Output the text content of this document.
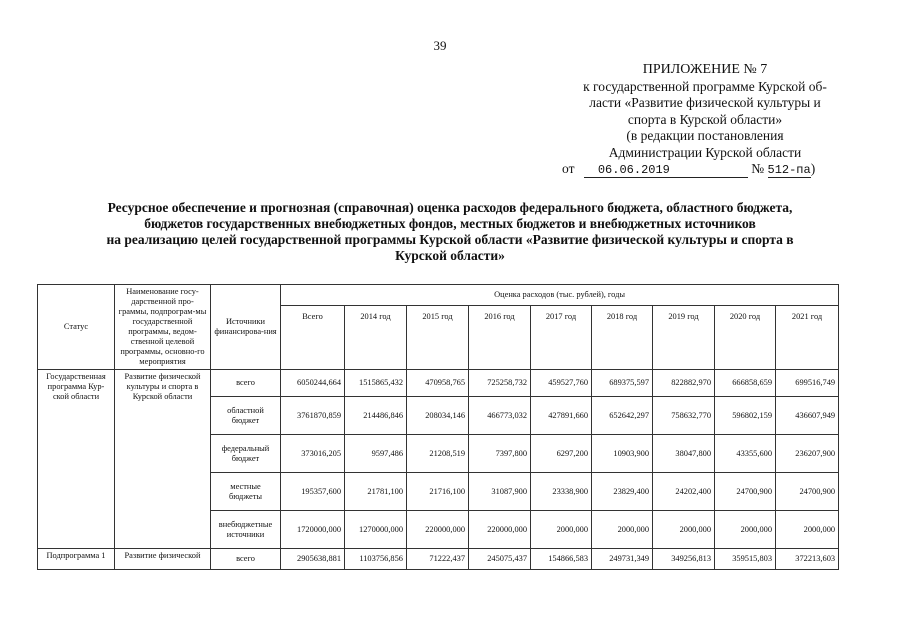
39
ПРИЛОЖЕНИЕ № 7
к государственной программе Курской об-
ласти «Развитие физической культуры и
спорта в Курской области»
(в редакции постановления
Администрации Курской области
от 06.06.2019	№ 512-па)
Ресурсное обеспечение и прогнозная (справочная) оценка расходов федерального бюджета, областного бюджета,
бюджетов государственных внебюджетных фондов, местных бюджетов и внебюджетных источников
на реализацию целей государственной программы Курской области «Развитие физической культуры и спорта в
Курской области»
Статус	Наименование госу-дарственной про-граммы, подпрограм-мы государственной программы, ведом-ственной целевой программы, основно-го мероприятия	Источники финансирова-ния	Оценка расходов (тыс. рублей), годы								
			Всего	2014 год	2015 год	2016 год	2017 год	2018 год	2019 год	2020 год	2021 год
Государственная программа Кур-ской области	Развитие физической культуры и спорта в Курской области	всего	6050244,664	1515865,432	470958,765	725258,732	459527,760	689375,597	822882,970	666858,659	699516,749
		областной бюджет	3761870,859	214486,846	208034,146	466773,032	427891,660	652642,297	758632,770	596802,159	436607,949
		федеральный бюджет	373016,205	9597,486	21208,519	7397,800	6297,200	10903,900	38047,800	43355,600	236207,900
		местные бюджеты	195357,600	21781,100	21716,100	31087,900	23338,900	23829,400	24202,400	24700,900	24700,900
		внебюджетные источники	1720000,000	1270000,000	220000,000	220000,000	2000,000	2000,000	2000,000	2000,000	2000,000
Подпрограмма 1	Развитие физической	всего	2905638,881	1103756,856	71222,437	245075,437	154866,583	249731,349	349256,813	359515,803	372213,603
